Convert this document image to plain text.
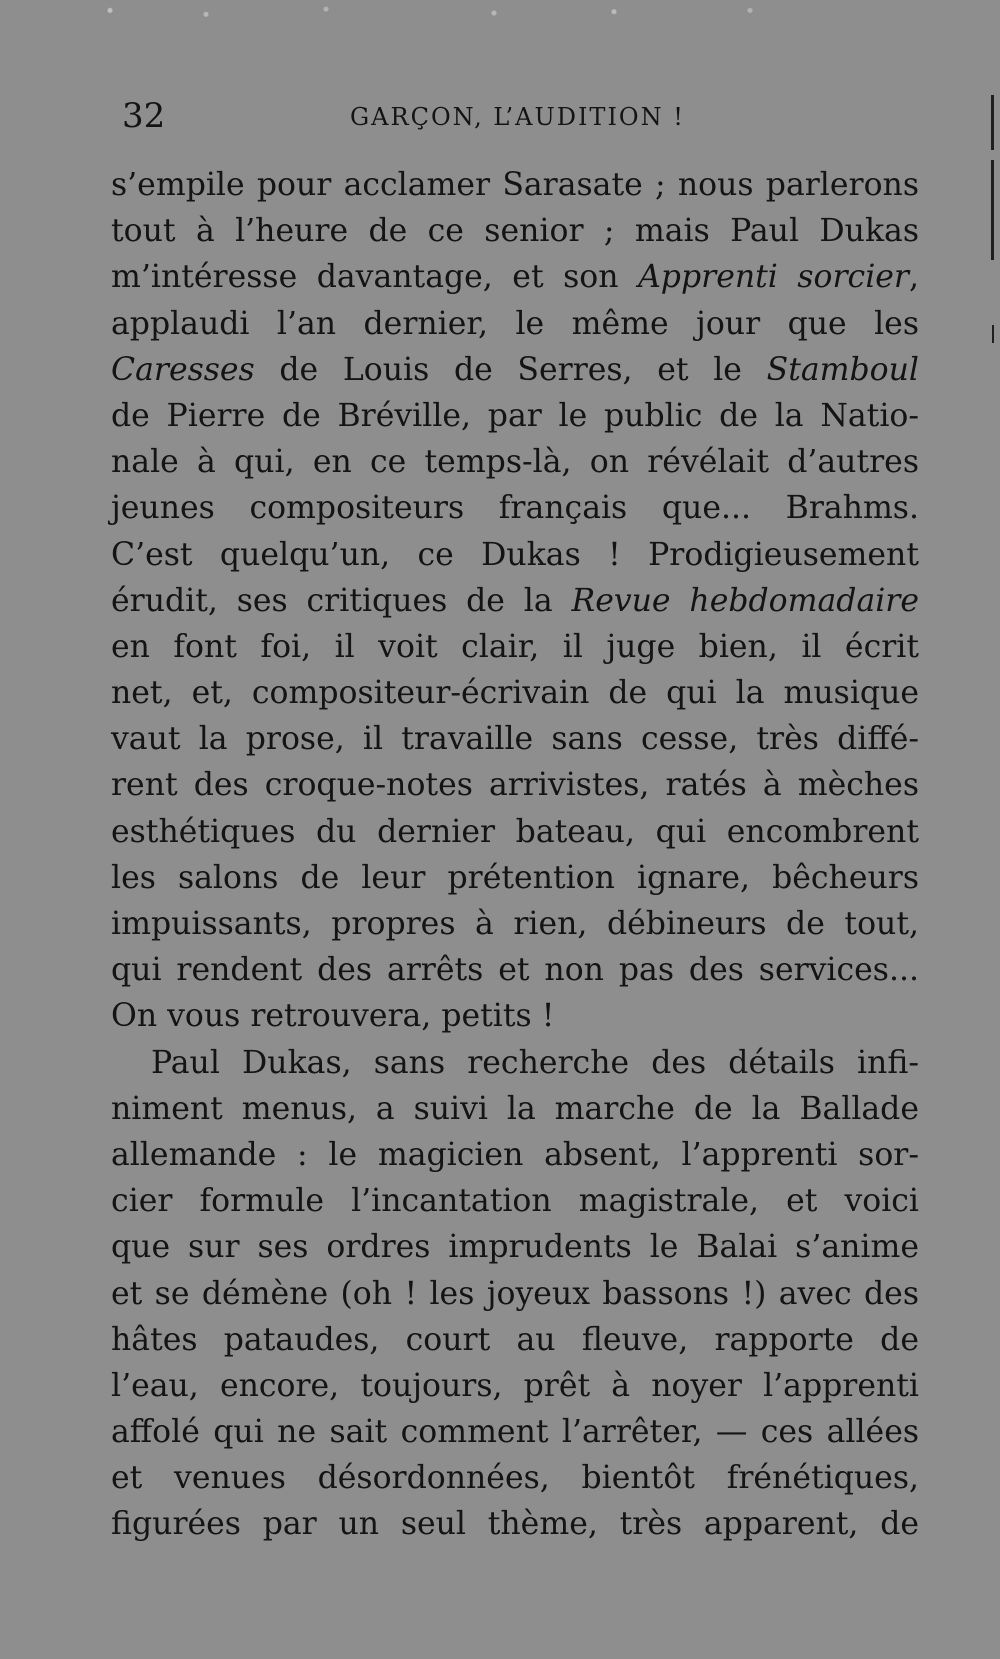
32	GARÇON, L’AUDITION !
s’empile pour acclamer Sarasate ; nous parlerons
tout à l’heure de ce senior ; mais Paul Dukas
m’intéresse davantage, et son Apprenti sorcier,
applaudi l’an dernier, le même jour que les
Caresses de Louis de Serres, et le Stamboul
de Pierre de Bréville, par le public de la Natio-
nale à qui, en ce temps-là, on révélait d’autres
jeunes compositeurs français que... Brahms.
C’est quelqu’un, ce Dukas ! Prodigieusement
érudit, ses critiques de la Revue hebdomadaire
en font foi, il voit clair, il juge bien, il écrit
net, et, compositeur-écrivain de qui la musique
vaut la prose, il travaille sans cesse, très diffé-
rent des croque-notes arrivistes, ratés à mèches
esthétiques du dernier bateau, qui encombrent
les salons de leur prétention ignare, bêcheurs
impuissants, propres à rien, débineurs de tout,
qui rendent des arrêts et non pas des services...
On vous retrouvera, petits !
Paul Dukas, sans recherche des détails infi-
niment menus, a suivi la marche de la Ballade
allemande : le magicien absent, l’apprenti sor-
cier formule l’incantation magistrale, et voici
que sur ses ordres imprudents le Balai s’anime
et se démène (oh ! les joyeux bassons !) avec des
hâtes pataudes, court au fleuve, rapporte de
l’eau, encore, toujours, prêt à noyer l’apprenti
affolé qui ne sait comment l’arrêter, — ces allées
et venues désordonnées, bientôt frénétiques,
figurées par un seul thème, très apparent, de
